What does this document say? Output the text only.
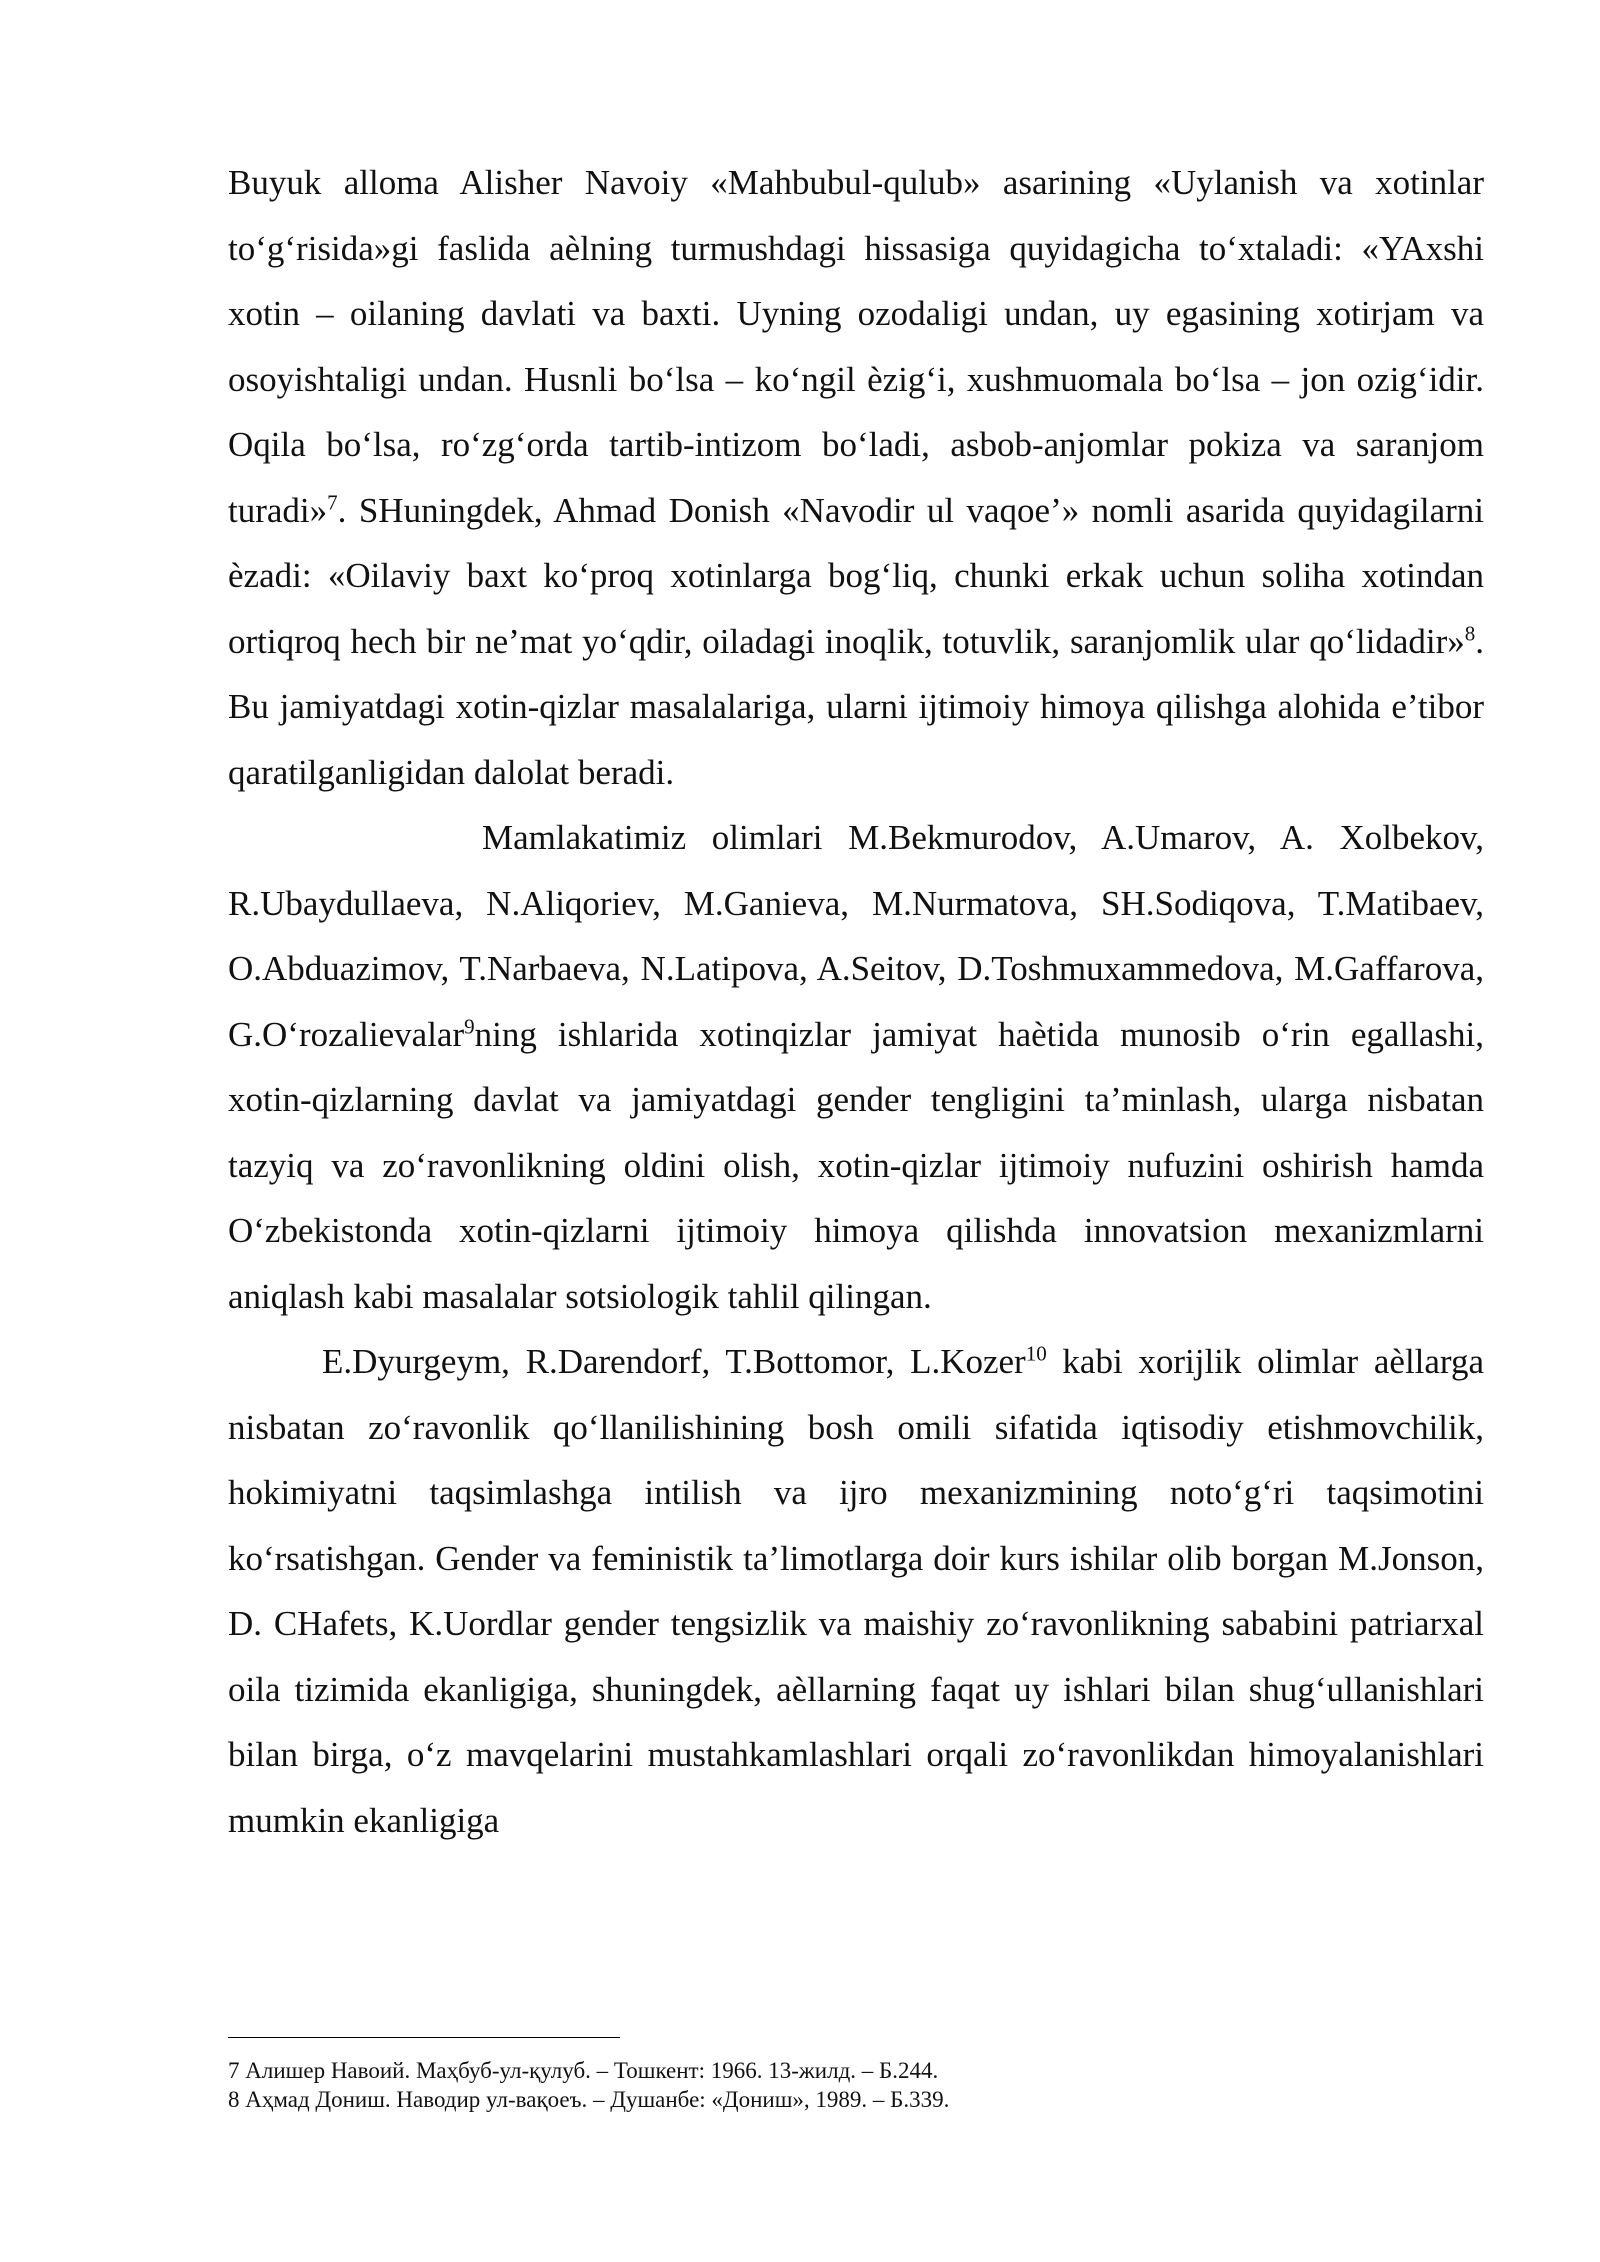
Buyuk alloma Alisher Navoiy «Mahbubul-qulub» asarining «Uylanish va xotinlar to‘g‘risida»gi faslida aèlning turmushdagi hissasiga quyidagicha to‘xtaladi: «YAxshi xotin – oilaning davlati va baxti. Uyning ozodaligi undan, uy egasining xotirjam va osoyishtaligi undan. Husnli bo‘lsa – ko‘ngil èzig‘i, xushmuomala bo‘lsa – jon ozig‘idir. Oqila bo‘lsa, ro‘zg‘orda tartib-intizom bo‘ladi, asbob-anjomlar pokiza va saranjom turadi»$^7$. SHuningdek, Ahmad Donish «Navodir ul vaqoe’» nomli asarida quyidagilarni èzadi: «Oilaviy baxt ko‘proq xotinlarga bog‘liq, chunki erkak uchun soliha xotindan ortiqroq hech bir ne’mat yo‘qdir, oiladagi inoqlik, totuvlik, saranjomlik ular qo‘lidadir»$^8$. Bu jamiyatdagi xotin-qizlar masalalariga, ularni ijtimoiy himoya qilishga alohida e’tibor qaratilganligidan dalolat beradi.

Mamlakatimiz olimlari M.Bekmurodov, A.Umarov, A. Xolbekov, R.Ubaydullaeva, N.Aliqoriev, M.Ganieva, M.Nurmatova, SH.Sodiqova, T.Matibaev, O.Abduazimov, T.Narbaeva, N.Latipova, A.Seitov, D.Toshmuxammedova, M.Gaffarova, G.O‘rozalievalar$^9$ning ishlarida xotinqizlar jamiyat haètida munosib o‘rin egallashi, xotin-qizlarning davlat va jamiyatdagi gender tengligini ta’minlash, ularga nisbatan tazyiq va zo‘ravonlikning oldini olish, xotin-qizlar ijtimoiy nufuzini oshirish hamda O‘zbekistonda xotin-qizlarni ijtimoiy himoya qilishda innovatsion mexanizmlarni aniqlash kabi masalalar sotsiologik tahlil qilingan.

E.Dyurgeym, R.Darendorf, T.Bottomor, L.Kozer$^{10}$ kabi xorijlik olimlar aèllarga nisbatan zo‘ravonlik qo‘llanilishining bosh omili sifatida iqtisodiy etishmovchilik, hokimiyatni taqsimlashga intilish va ijro mexanizmining noto‘g‘ri taqsimotini ko‘rsatishgan. Gender va feministik ta’limotlarga doir kurs ishilar olib borgan M.Jonson, D. CHafets, K.Uordlar gender tengsizlik va maishiy zo‘ravonlikning sababini patriarxal oila tizimida ekanligiga, shuningdek, aèllarning faqat uy ishlari bilan shug‘ullanishlari bilan birga, o‘z mavqelarini mustahkamlashlari orqali zo‘ravonlikdan himoyalanishlari mumkin ekanligiga

7 Алишер Навоий. Маҳбуб-ул-қулуб. – Тошкент: 1966. 13-жилд. – Б.244.

8 Аҳмад Дониш. Наводир ул-вақоеъ. – Душанбе: «Дониш», 1989. – Б.339.
